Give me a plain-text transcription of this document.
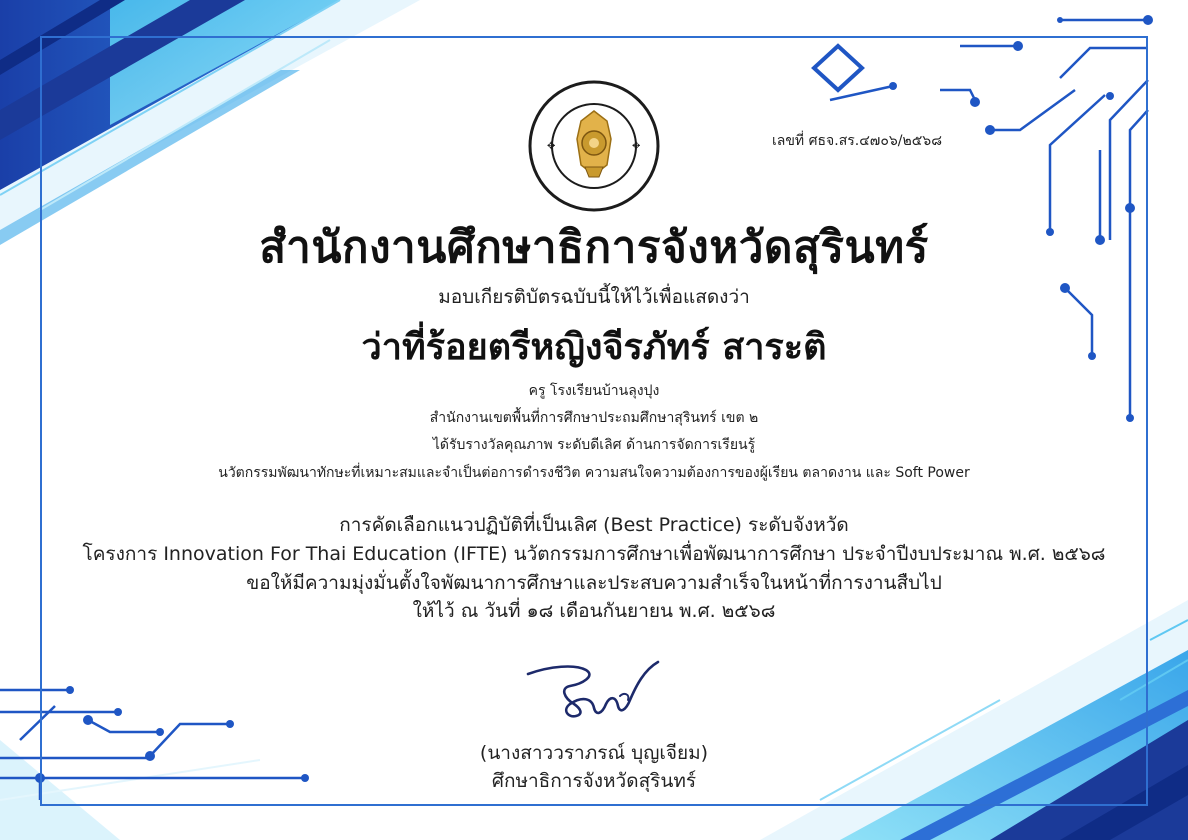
✥	✥	เลขที่ ศธจ.สร.๔๗๐๖/๒๕๖๘
สำนักงานศึกษาธิการจังหวัดสุรินทร์
มอบเกียรติบัตรฉบับนี้ให้ไว้เพื่อแสดงว่า
ว่าที่ร้อยตรีหญิงจีรภัทร์ สาระติ
ครู โรงเรียนบ้านลุงปุง
สำนักงานเขตพื้นที่การศึกษาประถมศึกษาสุรินทร์ เขต ๒
ได้รับรางวัลคุณภาพ ระดับดีเลิศ ด้านการจัดการเรียนรู้
นวัตกรรมพัฒนาทักษะที่เหมาะสมและจำเป็นต่อการดำรงชีวิต ความสนใจความต้องการของผู้เรียน ตลาดงาน และ Soft Power
การคัดเลือกแนวปฏิบัติที่เป็นเลิศ (Best Practice) ระดับจังหวัด
โครงการ Innovation For Thai Education (IFTE) นวัตกรรมการศึกษาเพื่อพัฒนาการศึกษา ประจำปีงบประมาณ พ.ศ. ๒๕๖๘
ขอให้มีความมุ่งมั่นตั้งใจพัฒนาการศึกษาและประสบความสำเร็จในหน้าที่การงานสืบไป
ให้ไว้ ณ วันที่ ๑๘ เดือนกันยายน พ.ศ. ๒๕๖๘
(นางสาววราภรณ์ บุญเจียม)
ศึกษาธิการจังหวัดสุรินทร์
